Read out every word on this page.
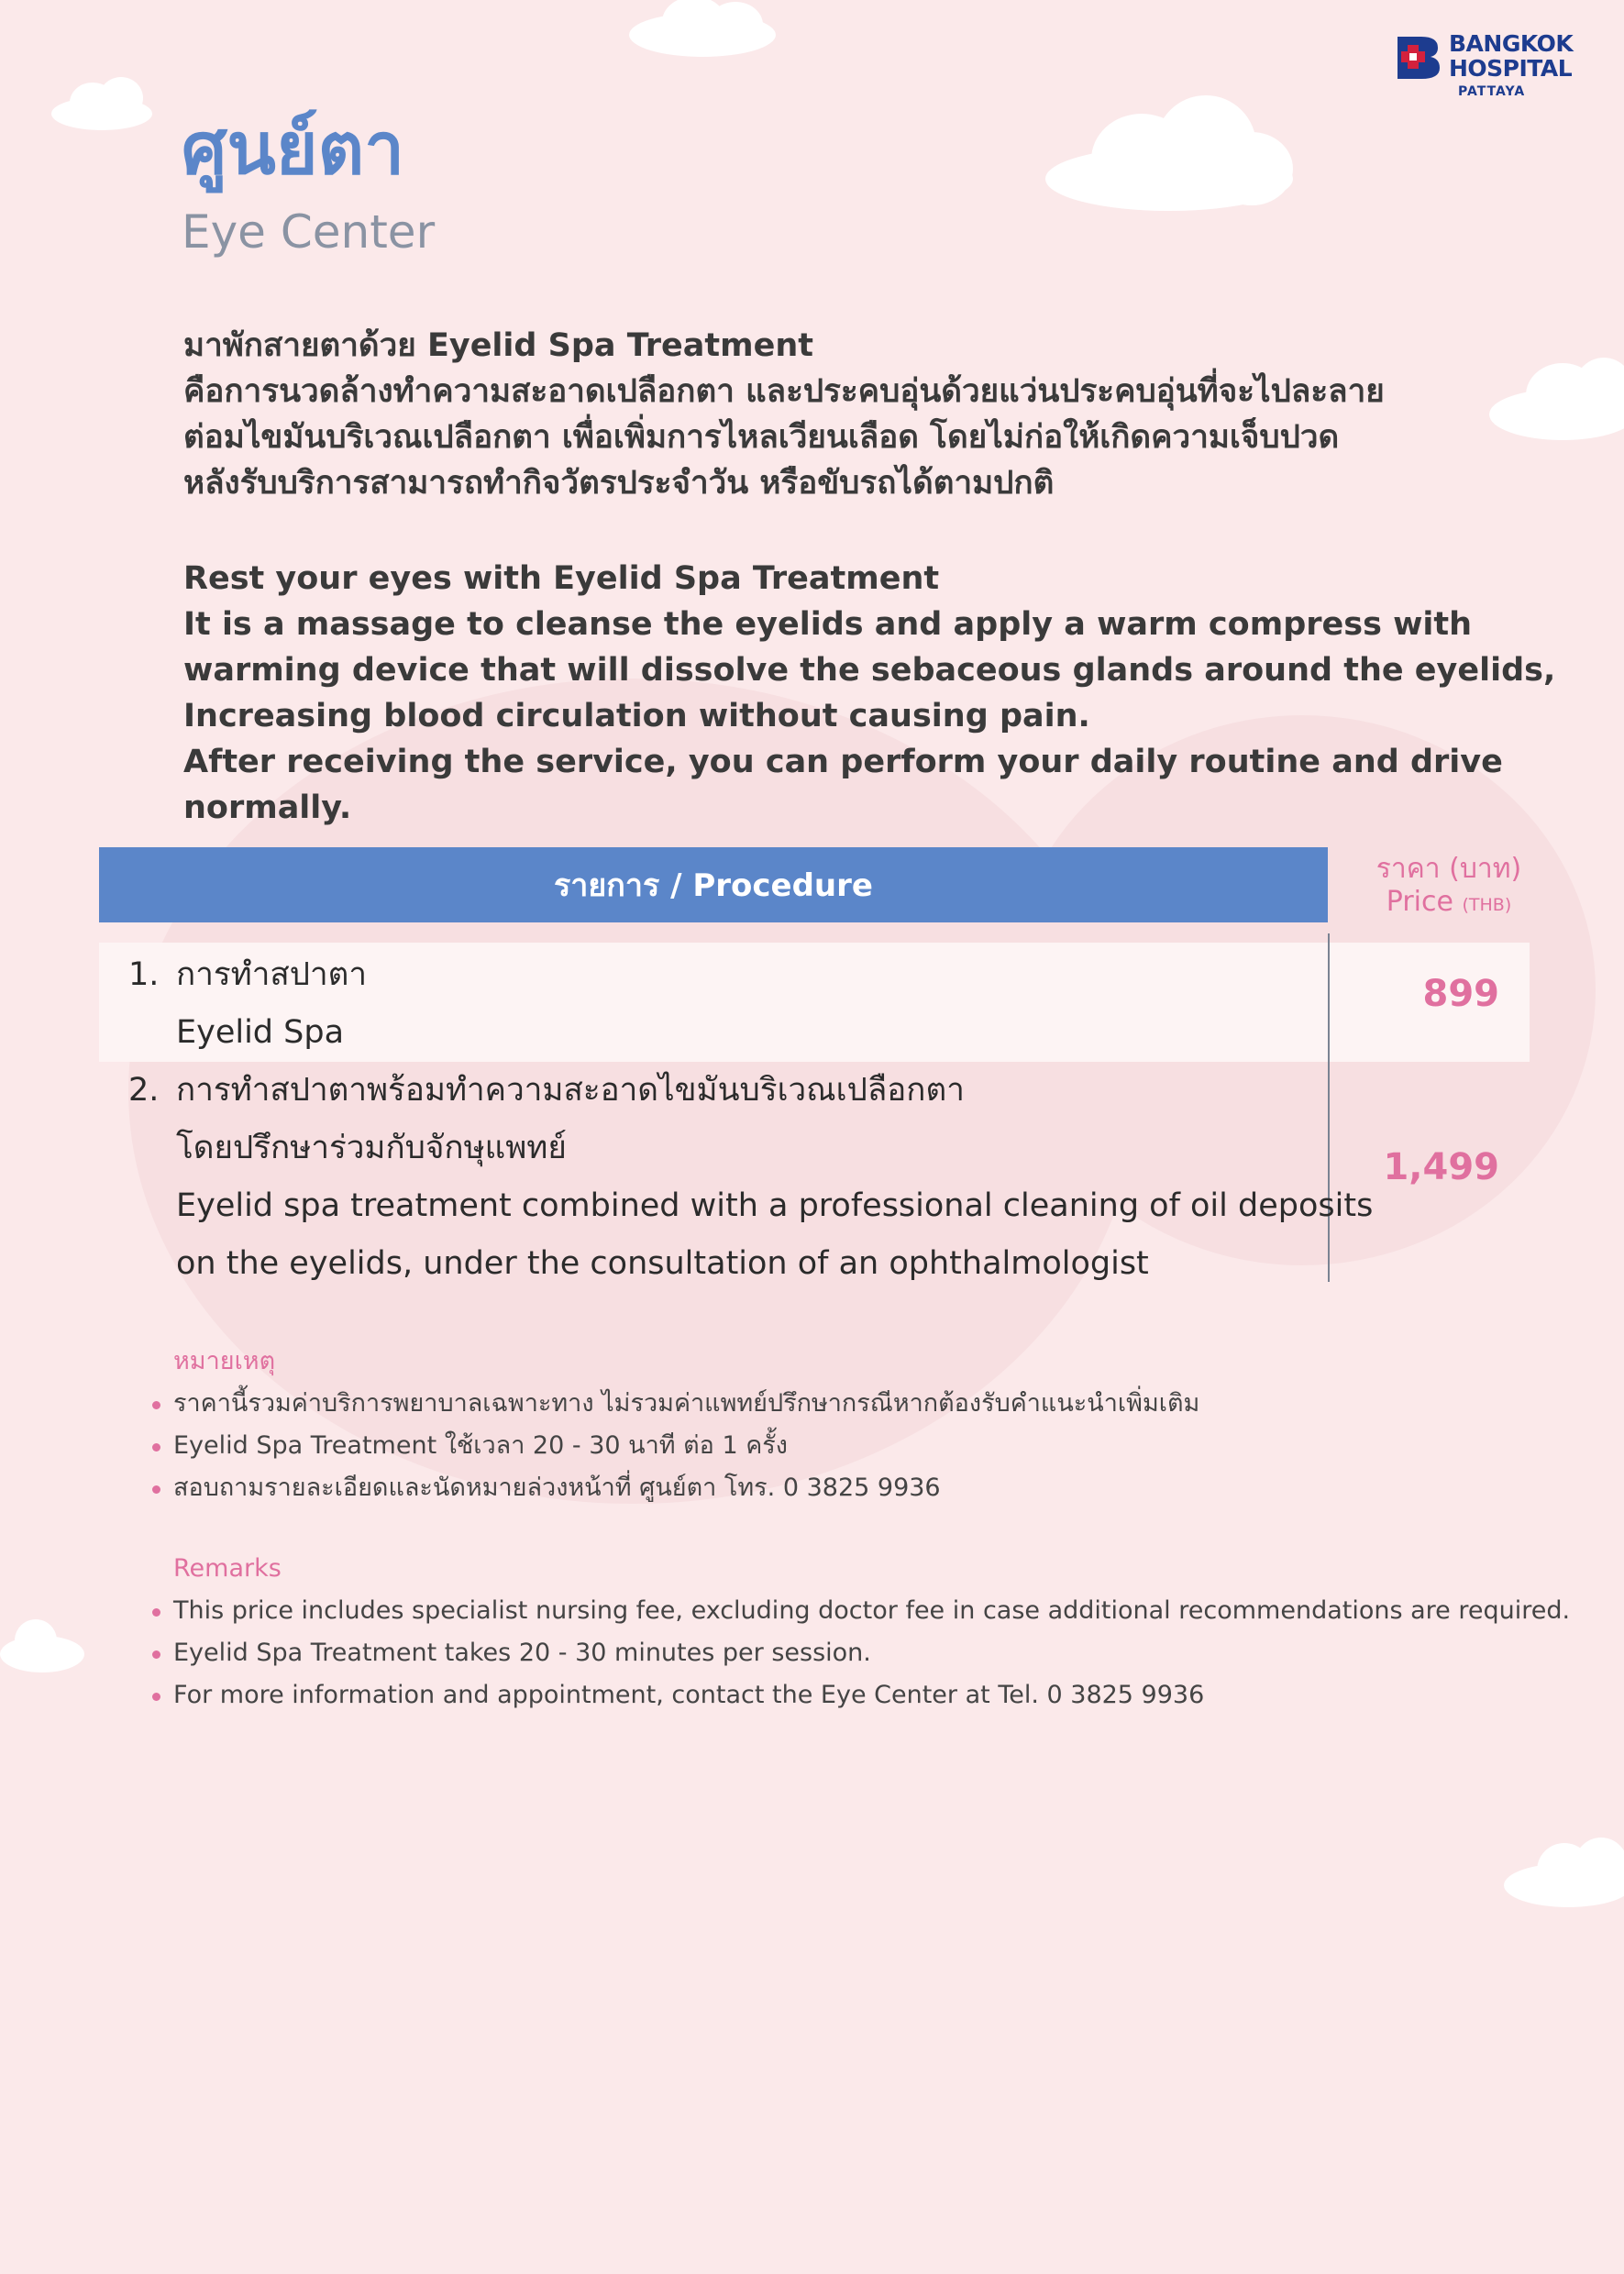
BANGKOK
HOSPITAL
PATTAYA
ศูนย์ตา
Eye Center

มาพักสายตาด้วย Eyelid Spa Treatment

คือการนวดล้างทำความสะอาดเปลือกตา และประคบอุ่นด้วยแว่นประคบอุ่นที่จะไปละลาย

ต่อมไขมันบริเวณเปลือกตา เพื่อเพิ่มการไหลเวียนเลือด โดยไม่ก่อให้เกิดความเจ็บปวด

หลังรับบริการสามารถทำกิจวัตรประจำวัน หรือขับรถได้ตามปกติ

Rest your eyes with Eyelid Spa Treatment

It is a massage to cleanse the eyelids and apply a warm compress with

warming device that will dissolve the sebaceous glands around the eyelids,

Increasing blood circulation without causing pain.

After receiving the service, you can perform your daily routine and drive normally.

รายการ / Procedure	ราคา (บาท)
Price (THB)
1. การทำสปาตา
Eyelid Spa
899
2. การทำสปาตาพร้อมทำความสะอาดไขมันบริเวณเปลือกตา
โดยปรึกษาร่วมกับจักษุแพทย์
Eyelid spa treatment combined with a professional cleaning of oil deposits
on the eyelids, under the consultation of an ophthalmologist
1,499
หมายเหตุ
ราคานี้รวมค่าบริการพยาบาลเฉพาะทาง ไม่รวมค่าแพทย์ปรึกษากรณีหากต้องรับคำแนะนำเพิ่มเติม
Eyelid Spa Treatment ใช้เวลา 20 - 30 นาที ต่อ 1 ครั้ง
สอบถามรายละเอียดและนัดหมายล่วงหน้าที่ ศูนย์ตา โทร. 0 3825 9936
Remarks
This price includes specialist nursing fee, excluding doctor fee in case additional recommendations are required.
Eyelid Spa Treatment takes 20 - 30 minutes per session.
For more information and appointment, contact the Eye Center at Tel. 0 3825 9936
